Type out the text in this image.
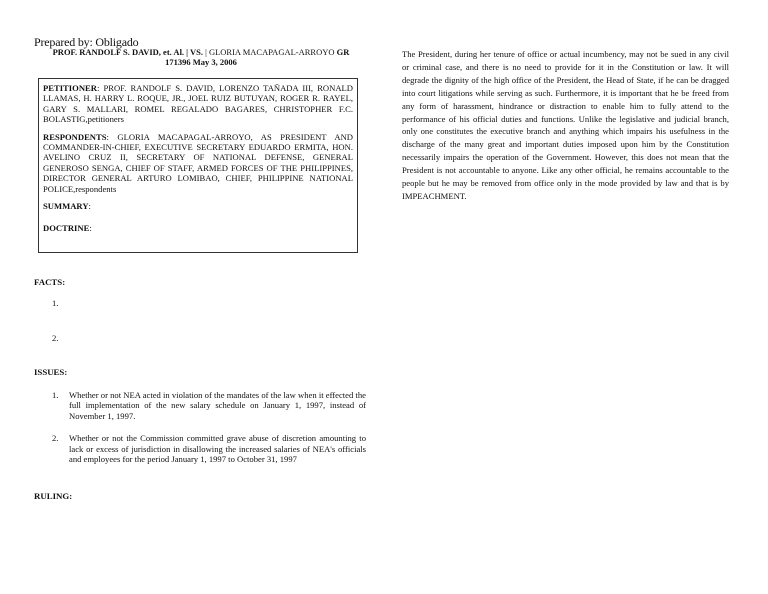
Prepared by: Obligado
PROF. RANDOLF S. DAVID, et. Al. | VS. | GLORIA MACAPAGAL-ARROYO GR
171396 May 3, 2006

PETITIONER: PROF. RANDOLF S. DAVID, LORENZO TAÑADA III, RONALD LLAMAS, H. HARRY L. ROQUE, JR., JOEL RUIZ BUTUYAN, ROGER R. RAYEL, GARY S. MALLARI, ROMEL REGALADO BAGARES, CHRISTOPHER F.C. BOLASTIG,petitioners

RESPONDENTS: GLORIA MACAPAGAL-ARROYO, AS PRESIDENT AND COMMANDER-IN-CHIEF, EXECUTIVE SECRETARY EDUARDO ERMITA, HON. AVELINO CRUZ II, SECRETARY OF NATIONAL DEFENSE, GENERAL GENEROSO SENGA, CHIEF OF STAFF, ARMED FORCES OF THE PHILIPPINES, DIRECTOR GENERAL ARTURO LOMIBAO, CHIEF, PHILIPPINE NATIONAL POLICE,respondents

SUMMARY:

DOCTRINE:

FACTS:
1.
2.
ISSUES:
1.	Whether or not NEA acted in violation of the mandates of the law when it effected the full implementation of the new salary schedule on January 1, 1997, instead of November 1, 1997.
2.	Whether or not the Commission committed grave abuse of discretion amounting to lack or excess of jurisdiction in disallowing the increased salaries of NEA's officials and employees for the period January 1, 1997 to October 31, 1997
RULING:
The President, during her tenure of office or actual incumbency, may not be sued in any civil or criminal case, and there is no need to provide for it in the Constitution or law. It will degrade the dignity of the high office of the President, the Head of State, if he can be dragged into court litigations while serving as such. Furthermore, it is important that he be freed from any form of harassment, hindrance or distraction to enable him to fully attend to the performance of his official duties and functions. Unlike the legislative and judicial branch, only one constitutes the executive branch and anything which impairs his usefulness in the discharge of the many great and important duties imposed upon him by the Constitution necessarily impairs the operation of the Government. However, this does not mean that the President is not accountable to anyone. Like any other official, he remains accountable to the people but he may be removed from office only in the mode provided by law and that is by IMPEACHMENT.
